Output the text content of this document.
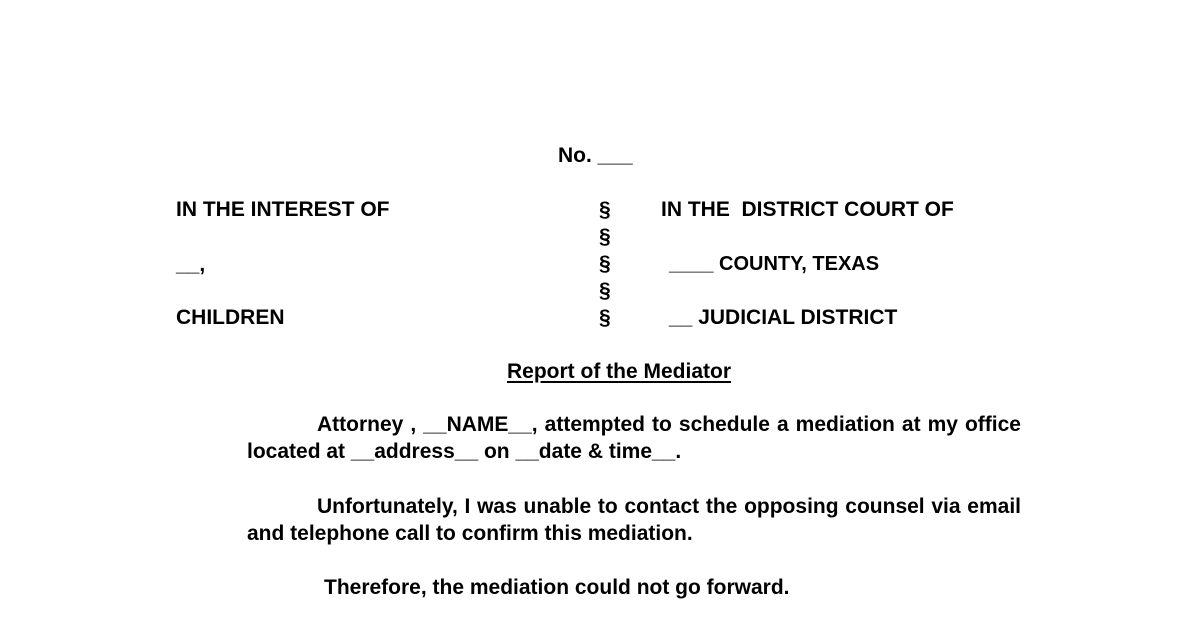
No. ___
IN THE INTEREST OF
__,
CHILDREN
§
§
§
§
§
IN THE  DISTRICT COURT OF
____ COUNTY, TEXAS
__ JUDICIAL DISTRICT
Report of the Mediator
Attorney , __NAME__, attempted to schedule a mediation at my office located at __address__ on __date & time__.
Unfortunately, I was unable to contact the opposing counsel via email and telephone call to confirm this mediation.
Therefore, the mediation could not go forward.
